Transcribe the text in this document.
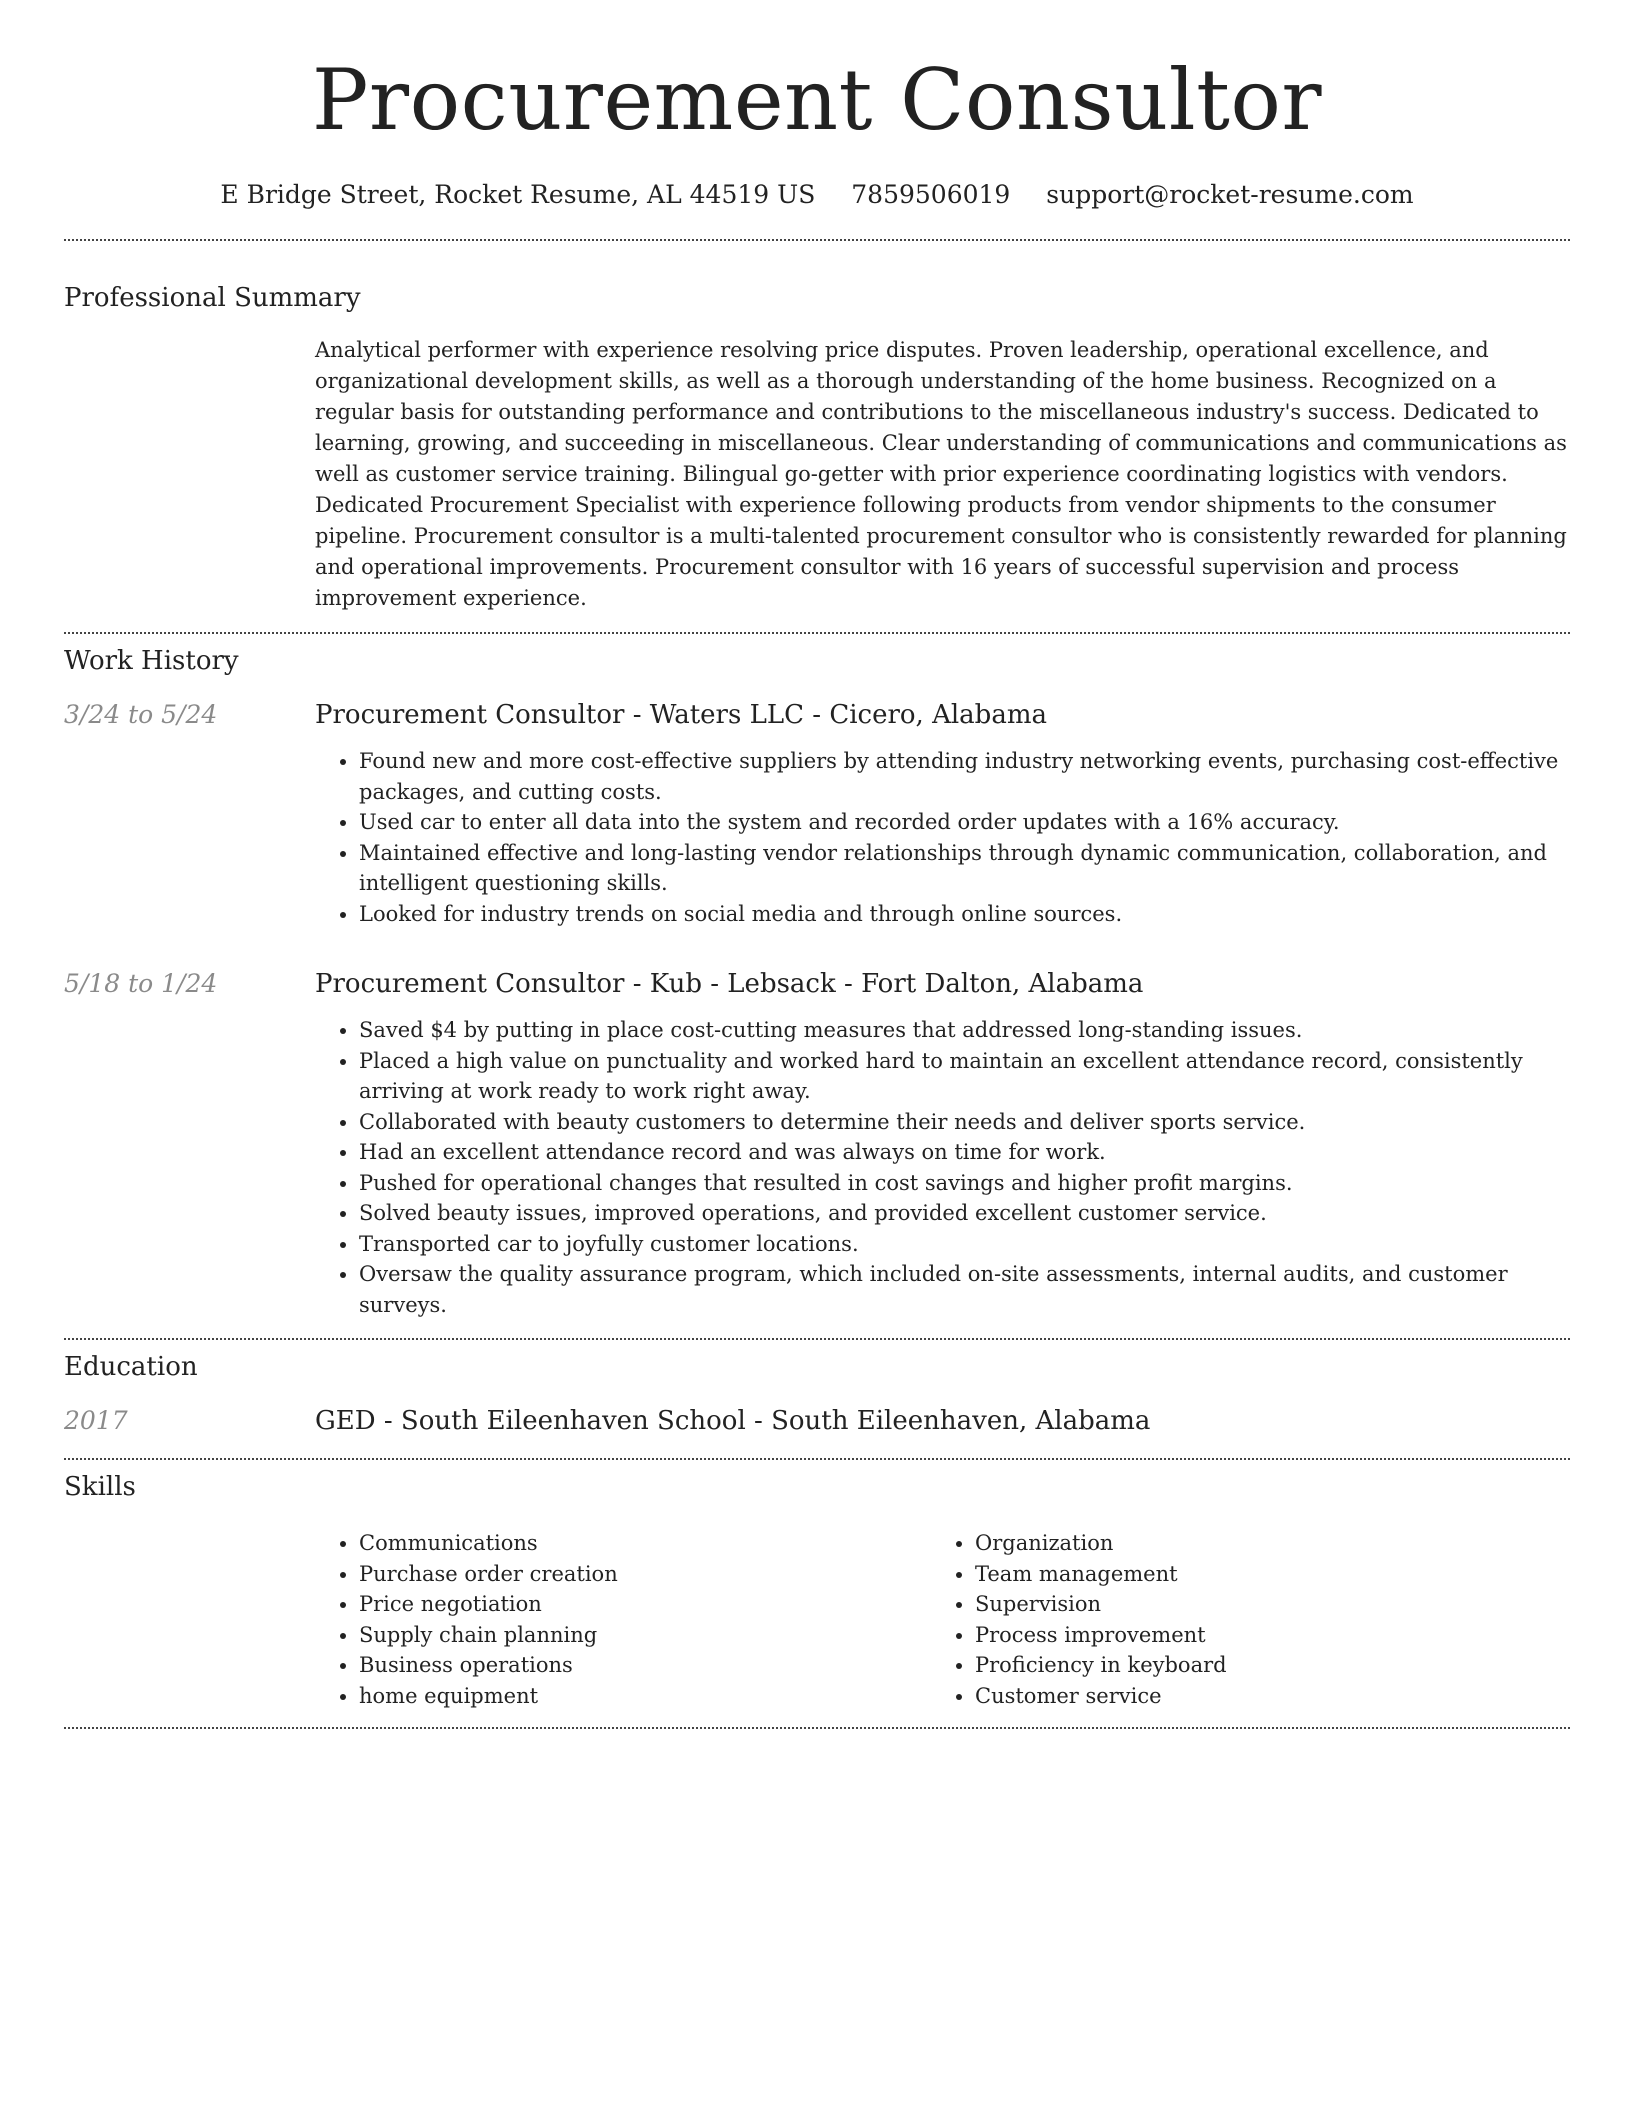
Procurement Consultor
E Bridge Street, Rocket Resume, AL 44519 US 7859506019 support@rocket-resume.com
Professional Summary
Analytical performer with experience resolving price disputes. Proven leadership, operational excellence, and organizational development skills, as well as a thorough understanding of the home business. Recognized on a regular basis for outstanding performance and contributions to the miscellaneous industry's success. Dedicated to learning, growing, and succeeding in miscellaneous. Clear understanding of communications and communications as well as customer service training. Bilingual go-getter with prior experience coordinating logistics with vendors. Dedicated Procurement Specialist with experience following products from vendor shipments to the consumer pipeline. Procurement consultor is a multi-talented procurement consultor who is consistently rewarded for planning and operational improvements. Procurement consultor with 16 years of successful supervision and process improvement experience.
Work History
3/24 to 5/24	Procurement Consultor - Waters LLC - Cicero, Alabama
• Found new and more cost-effective suppliers by attending industry networking events, purchasing cost-effective packages, and cutting costs.
• Used car to enter all data into the system and recorded order updates with a 16% accuracy.
• Maintained effective and long-lasting vendor relationships through dynamic communication, collaboration, and intelligent questioning skills.
• Looked for industry trends on social media and through online sources.
5/18 to 1/24	Procurement Consultor - Kub - Lebsack - Fort Dalton, Alabama
• Saved $4 by putting in place cost-cutting measures that addressed long-standing issues.
• Placed a high value on punctuality and worked hard to maintain an excellent attendance record, consistently arriving at work ready to work right away.
• Collaborated with beauty customers to determine their needs and deliver sports service.
• Had an excellent attendance record and was always on time for work.
• Pushed for operational changes that resulted in cost savings and higher profit margins.
• Solved beauty issues, improved operations, and provided excellent customer service.
• Transported car to joyfully customer locations.
• Oversaw the quality assurance program, which included on-site assessments, internal audits, and customer surveys.
Education
2017	GED - South Eileenhaven School - South Eileenhaven, Alabama
Skills
• Communications
• Purchase order creation
• Price negotiation
• Supply chain planning
• Business operations
• home equipment
• Organization
• Team management
• Supervision
• Process improvement
• Proficiency in keyboard
• Customer service
